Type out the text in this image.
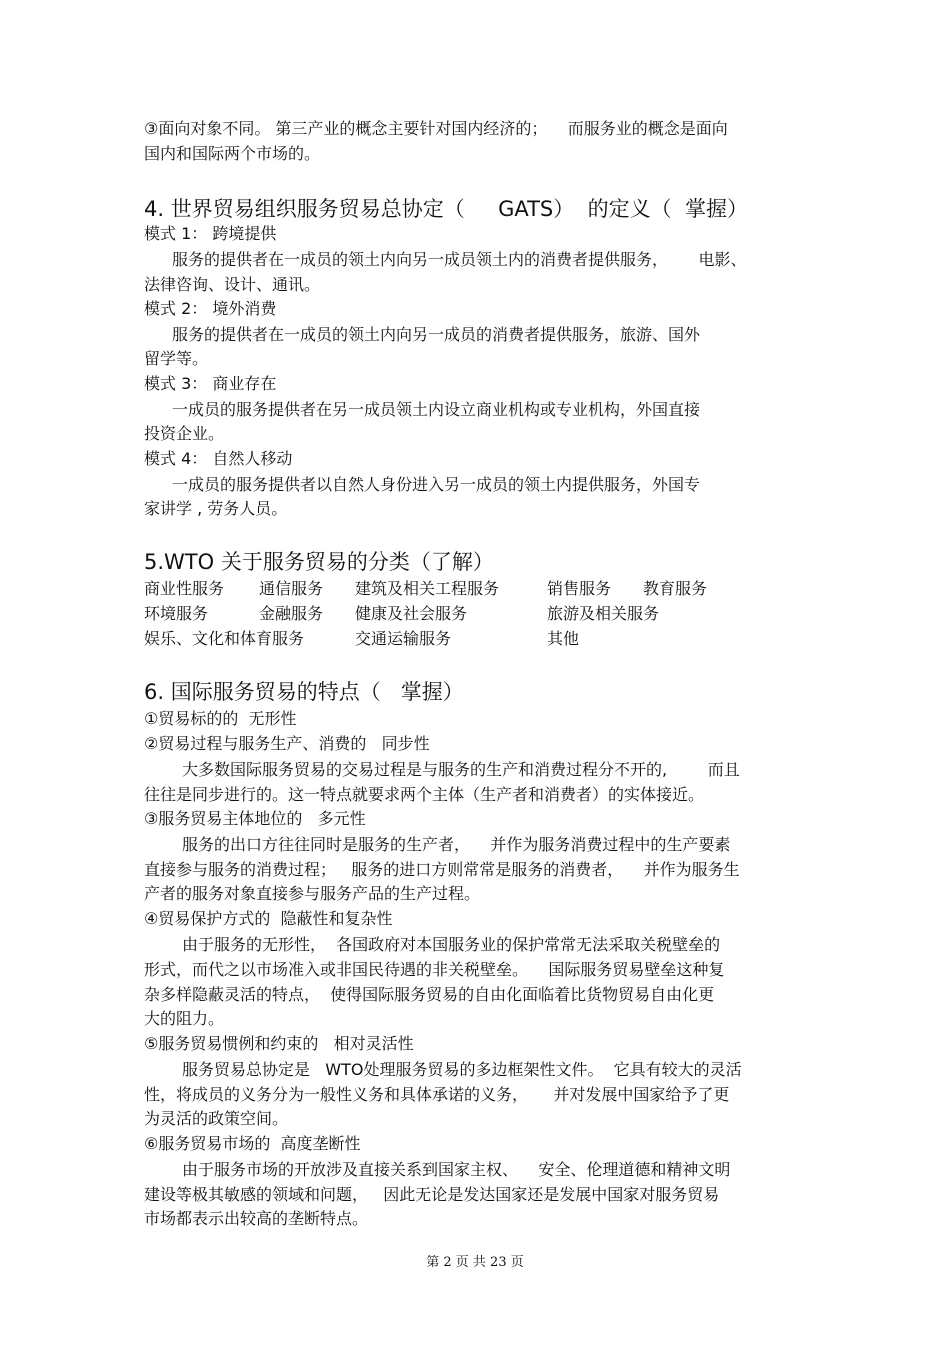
③面向对象不同。 第三产业的概念主要针对国内经济的；    而服务业的概念是面向
国内和国际两个市场的。
4. 世界贸易组织服务贸易总协定（     GATS）  的定义（  掌握）
模式 1： 跨境提供
服务的提供者在一成员的领土内向另一成员领土内的消费者提供服务，      电影、
法律咨询、设计、通讯。
模式 2： 境外消费
服务的提供者在一成员的领土内向另一成员的消费者提供服务，旅游、国外
留学等。
模式 3： 商业存在
一成员的服务提供者在另一成员领土内设立商业机构或专业机构，外国直接
投资企业。
模式 4： 自然人移动
一成员的服务提供者以自然人身份进入另一成员的领土内提供服务，外国专
家讲学 , 劳务人员。
5.WTO 关于服务贸易的分类（了解）
商业性服务 通信服务 建筑及相关工程服务	销售服务 教育服务
环境服务	金融服务 健康及社会服务	旅游及相关服务
娱乐、文化和体育服务	交通运输服务	其他
6. 国际服务贸易的特点（   掌握）
①贸易标的的  无形性
②贸易过程与服务生产、消费的   同步性
大多数国际服务贸易的交易过程是与服务的生产和消费过程分不开的,        而且
往往是同步进行的。这一特点就要求两个主体（生产者和消费者）的实体接近。
③服务贸易主体地位的   多元性
服务的出口方往往同时是服务的生产者，    并作为服务消费过程中的生产要素
直接参与服务的消费过程；   服务的进口方则常常是服务的消费者，    并作为服务生
产者的服务对象直接参与服务产品的生产过程。
④贸易保护方式的  隐蔽性和复杂性
由于服务的无形性，  各国政府对本国服务业的保护常常无法采取关税壁垒的
形式，而代之以市场准入或非国民待遇的非关税壁垒。    国际服务贸易壁垒这种复
杂多样隐蔽灵活的特点，  使得国际服务贸易的自由化面临着比货物贸易自由化更
大的阻力。
⑤服务贸易惯例和约束的   相对灵活性
服务贸易总协定是   WTO处理服务贸易的多边框架性文件。  它具有较大的灵活
性，将成员的义务分为一般性义务和具体承诺的义务，     并对发展中国家给予了更
为灵活的政策空间。
⑥服务贸易市场的  高度垄断性
由于服务市场的开放涉及直接关系到国家主权、    安全、伦理道德和精神文明
建设等极其敏感的领域和问题，   因此无论是发达国家还是发展中国家对服务贸易
市场都表示出较高的垄断特点。
第 2 页 共 23 页
